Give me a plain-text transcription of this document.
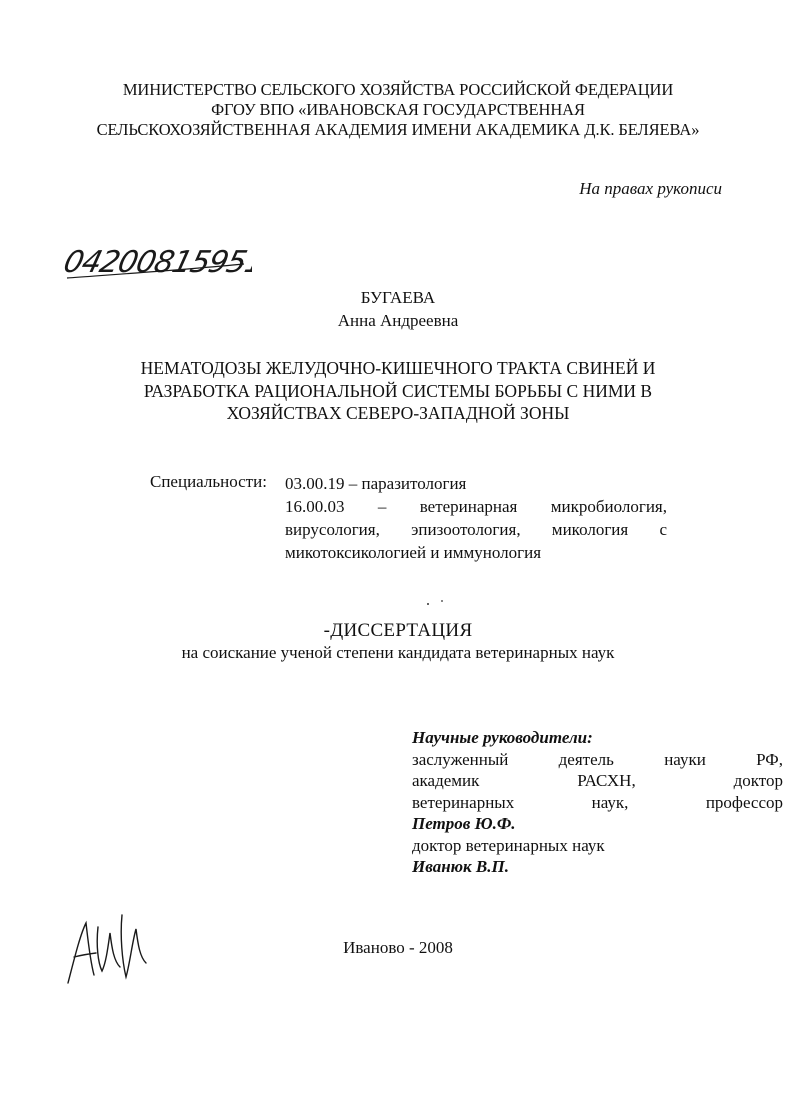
МИНИСТЕРСТВО СЕЛЬСКОГО ХОЗЯЙСТВА РОССИЙСКОЙ ФЕДЕРАЦИИ
ФГОУ ВПО «ИВАНОВСКАЯ ГОСУДАРСТВЕННАЯ
СЕЛЬСКОХОЗЯЙСТВЕННАЯ АКАДЕМИЯ ИМЕНИ АКАДЕМИКА Д.К. БЕЛЯЕВА»
На правах рукописи
04200815951
БУГАЕВА
Анна Андреевна
НЕМАТОДОЗЫ ЖЕЛУДОЧНО-КИШЕЧНОГО ТРАКТА СВИНЕЙ И
РАЗРАБОТКА РАЦИОНАЛЬНОЙ СИСТЕМЫ БОРЬБЫ С НИМИ В
ХОЗЯЙСТВАХ СЕВЕРО-ЗАПАДНОЙ ЗОНЫ
Специальности: 03.00.19 – паразитология
16.00.03 – ветеринарная микробиология,
вирусология, эпизоотология, микология с
микотоксикологией и иммунология
-ДИССЕРТАЦИЯ
на соискание ученой степени кандидата ветеринарных наук
Научные руководители:
заслуженный деятель науки РФ,
академик РАСХН, доктор
ветеринарных наук, профессор
Петров Ю.Ф.
доктор ветеринарных наук
Иванюк В.П.
Иваново - 2008
